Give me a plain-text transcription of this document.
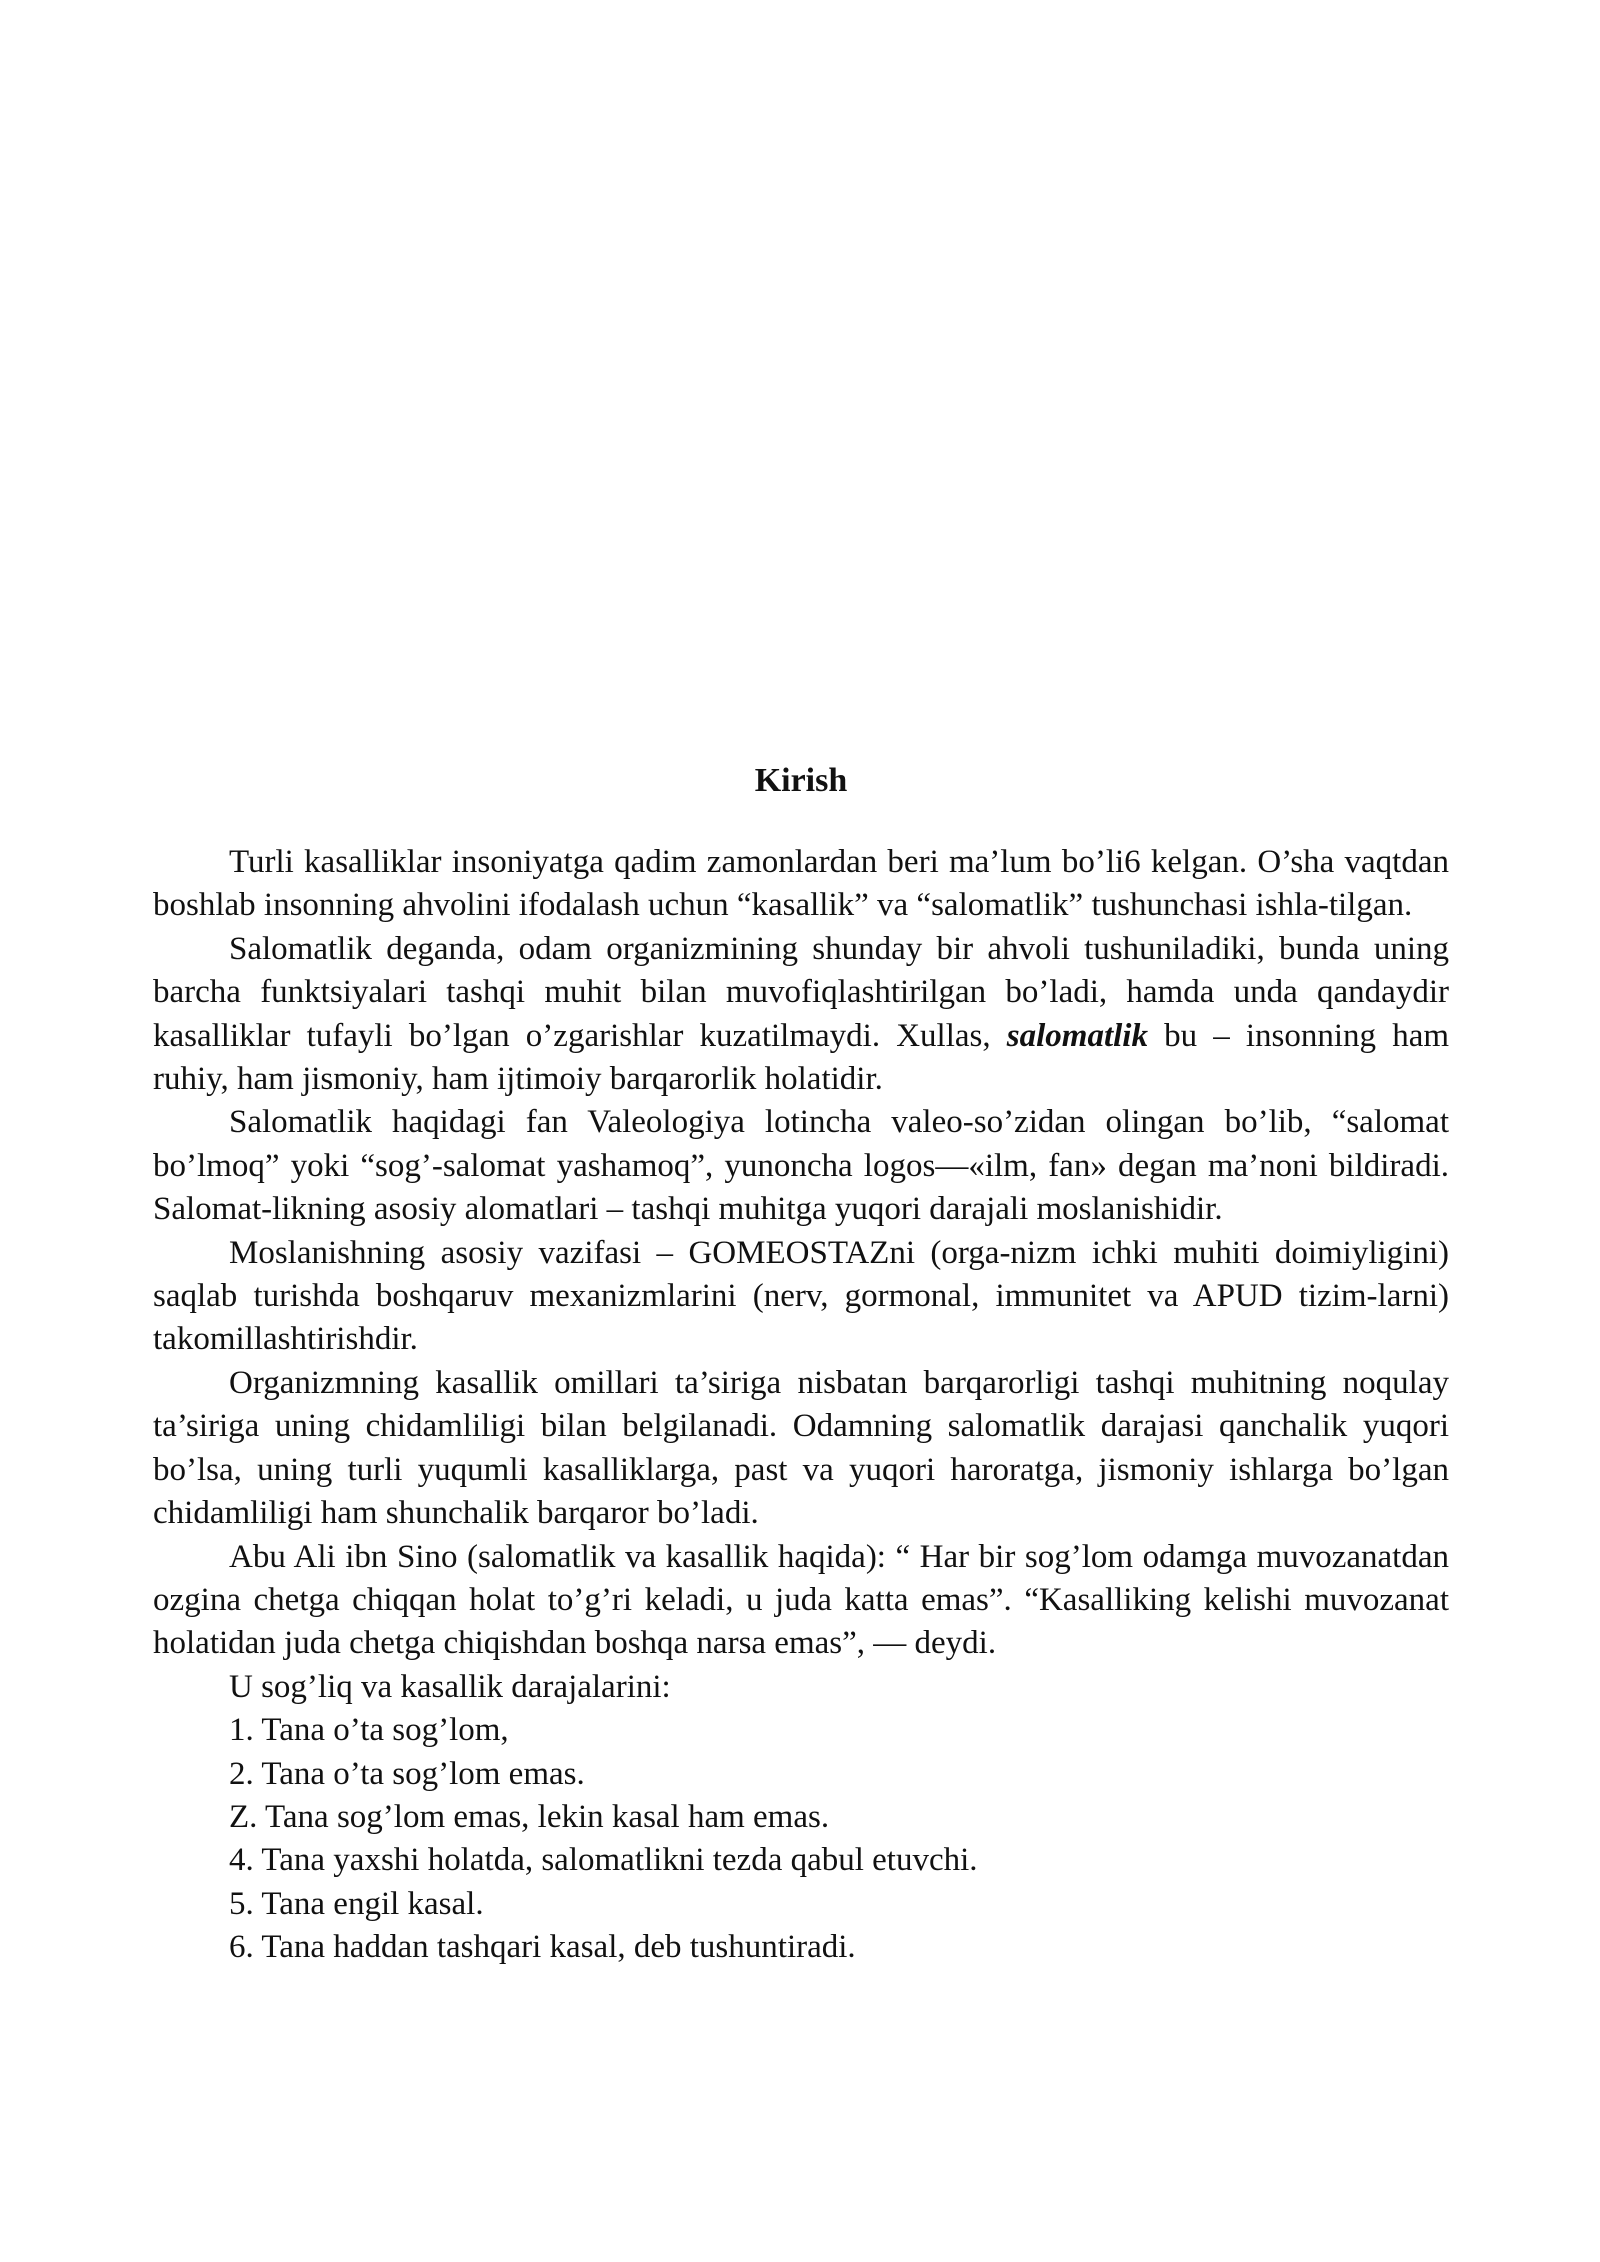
Kirish

Turli kasalliklar insoniyatga qadim zamonlardan beri ma’lum bo’li6 kelgan. O’sha vaqtdan boshlab insonning ahvolini ifodalash uchun “kasallik” va “salomatlik” tushunchasi ishla-tilgan.

Salomatlik deganda, odam organizmining shunday bir ahvoli tushuniladiki, bunda uning barcha funktsiyalari tashqi muhit bilan muvofiqlashtirilgan bo’ladi, hamda unda qandaydir kasalliklar tufayli bo’lgan o’zgarishlar kuzatilmaydi. Xullas, salomatlik bu – insonning ham ruhiy, ham jismoniy, ham ijtimoiy barqarorlik holatidir.

Salomatlik haqidagi fan Valeologiya lotincha valeo-so’zidan olingan bo’lib, “salomat bo’lmoq” yoki “sog’-salomat yashamoq”, yunoncha logos—«ilm, fan» degan ma’noni bildiradi. Salomat-likning asosiy alomatlari – tashqi muhitga yuqori darajali moslanishidir.

Moslanishning asosiy vazifasi – GOMEOSTAZni (orga-nizm ichki muhiti doimiyligini) saqlab turishda boshqaruv mexanizmlarini (nerv, gormonal, immunitet va APUD tizim-larni) takomillashtirishdir.

Organizmning kasallik omillari ta’siriga nisbatan barqarorligi tashqi muhitning noqulay ta’siriga uning chidamliligi bilan belgilanadi. Odamning salomatlik darajasi qanchalik yuqori bo’lsa, uning turli yuqumli kasalliklarga, past va yuqori haroratga, jismoniy ishlarga bo’lgan chidamliligi ham shunchalik barqaror bo’ladi.

Abu Ali ibn Sino (salomatlik va kasallik haqida): “ Har bir sog’lom odamga muvozanatdan ozgina chetga chiqqan holat to’g’ri keladi, u juda katta emas”. “Kasalliking kelishi muvozanat holatidan juda chetga chiqishdan boshqa narsa emas”, — deydi.

U sog’liq va kasallik darajalarini:

1. Tana o’ta sog’lom,

2. Tana o’ta sog’lom emas.

Z. Tana sog’lom emas, lekin kasal ham emas.

4. Tana yaxshi holatda, salomatlikni tezda qabul etuvchi.

5. Tana engil kasal.

6. Tana haddan tashqari kasal, deb tushuntiradi.
